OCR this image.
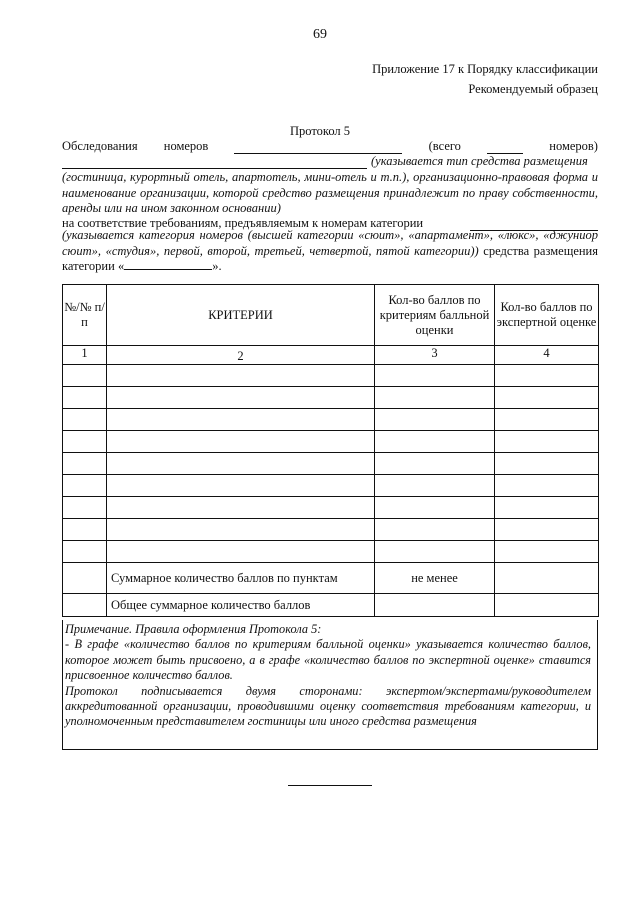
69
Приложение 17 к Порядку классификации
Рекомендуемый образец
Протокол 5
Обследования номеров	(всего	номеров)
(указывается тип средства размещения
(гостиница, курортный отель, апартотель, мини-отель и т.п.), организационно-правовая форма и наименование организации, которой средство размещения принадлежит по праву собственности, аренды или на ином законном основании)
на соответствие требованиям, предъявляемым к номерам категории
(указывается категория номеров (высшей категории «сюит», «апартамент», «люкс», «джуниор сюит», «студия», первой, второй, третьей, четвертой, пятой категории)) средства размещения категории «	».
№/№ п/п	КРИТЕРИИ	Кол-во баллов по критериям балльной оценки	Кол-во баллов по экспертной оценке
1	2	3	4

	Суммарное количество баллов по пунктам	не менее	
	Общее суммарное количество баллов		

Примечание. Правила оформления Протокола 5:

- В графе «количество баллов по критериям балльной оценки» указывается количество баллов, которое может быть присвоено, а в графе «количество баллов по экспертной оценке» ставится присвоенное количество баллов.

Протокол подписывается двумя сторонами: экспертом/экспертами/руководителем аккредитованной организации, проводившими оценку соответствия требованиям категории, и уполномоченным представителем гостиницы или иного средства размещения
